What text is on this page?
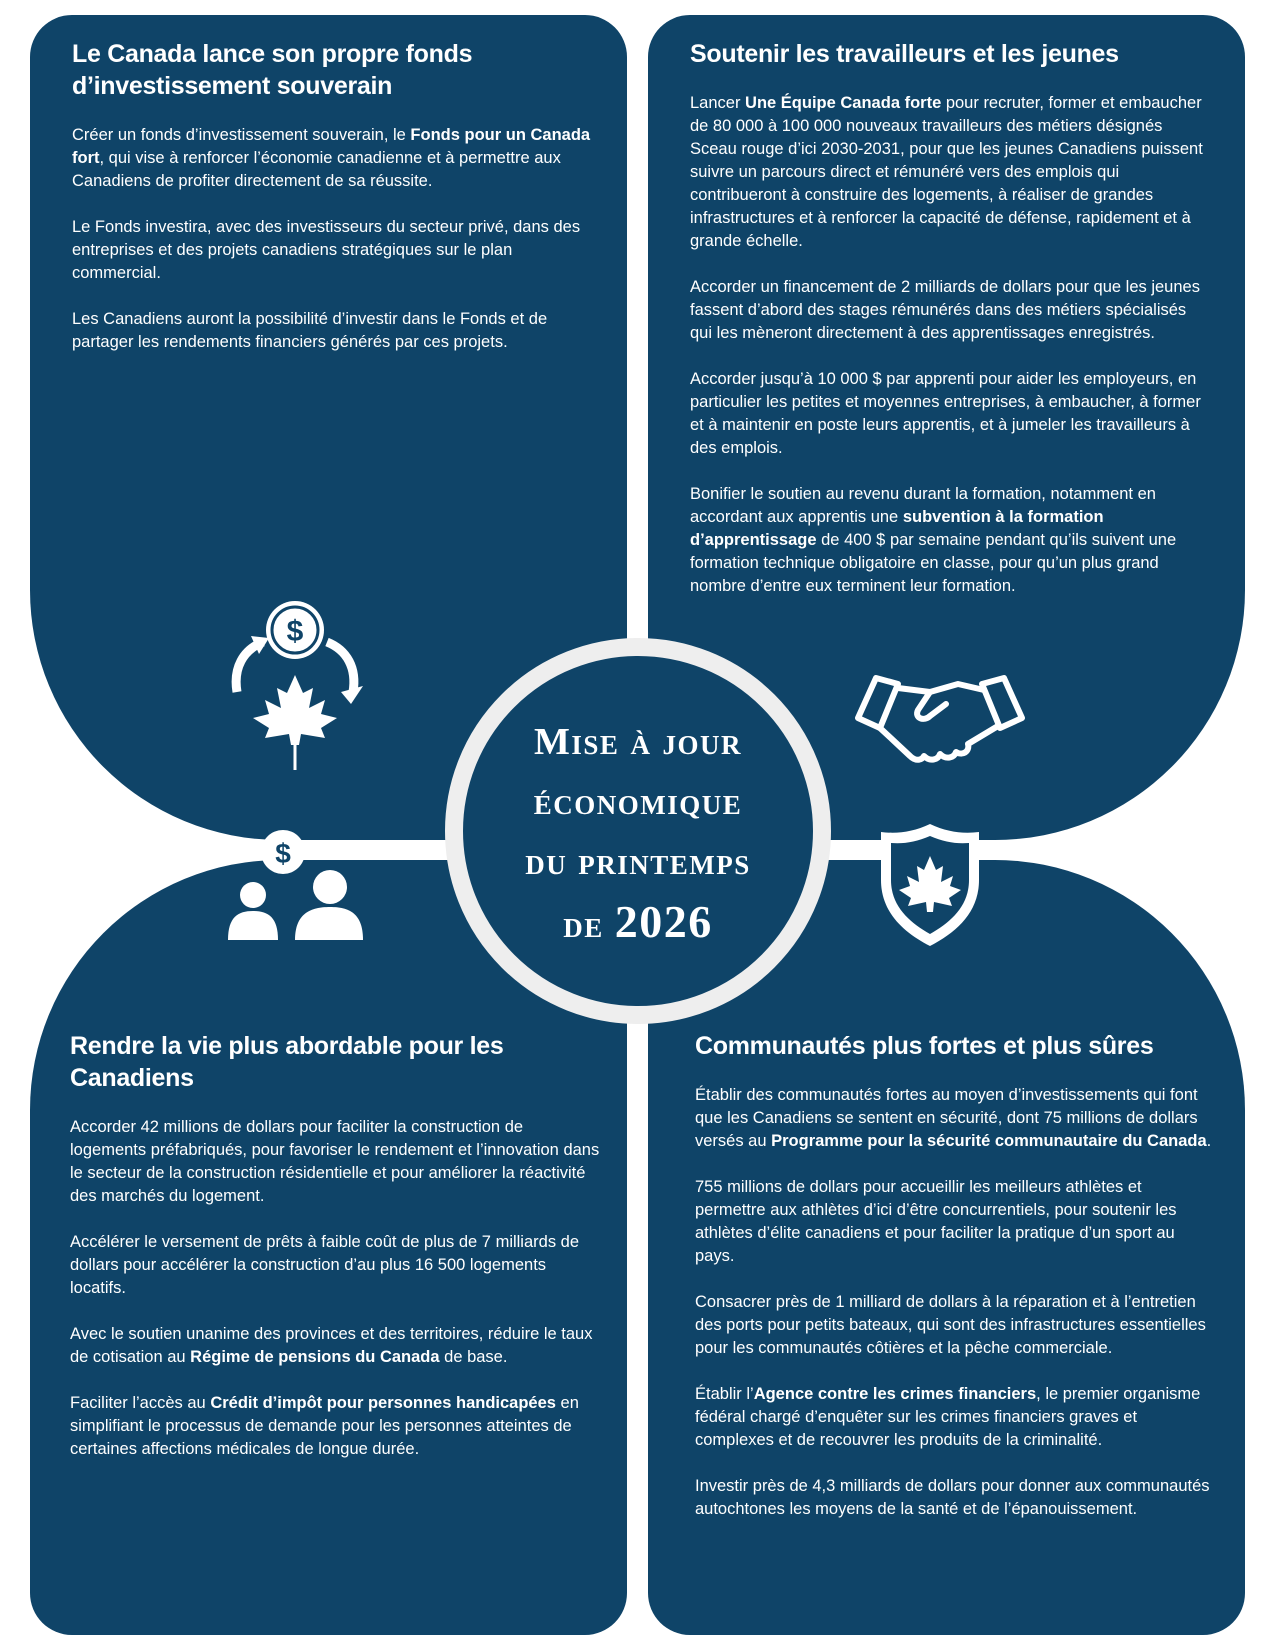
Le Canada lance son propre fonds d’investissement souverain

Créer un fonds d’investissement souverain, le Fonds pour un Canada fort, qui vise à renforcer l’économie canadienne et à permettre aux Canadiens de profiter directement de sa réussite.

Le Fonds investira, avec des investisseurs du secteur privé, dans des entreprises et des projets canadiens stratégiques sur le plan commercial.

Les Canadiens auront la possibilité d’investir dans le Fonds et de partager les rendements financiers générés par ces projets.

Soutenir les travailleurs et les jeunes

Lancer Une Équipe Canada forte pour recruter, former et embaucher de 80 000 à 100 000 nouveaux travailleurs des métiers désignés Sceau rouge d’ici 2030-2031, pour que les jeunes Canadiens puissent suivre un parcours direct et rémunéré vers des emplois qui contribueront à construire des logements, à réaliser de grandes infrastructures et à renforcer la capacité de défense, rapidement et à grande échelle.

Accorder un financement de 2 milliards de dollars pour que les jeunes fassent d’abord des stages rémunérés dans des métiers spécialisés qui les mèneront directement à des apprentissages enregistrés.

Accorder jusqu’à 10 000 $ par apprenti pour aider les employeurs, en particulier les petites et moyennes entreprises, à embaucher, à former et à maintenir en poste leurs apprentis, et à jumeler les travailleurs à des emplois.

Bonifier le soutien au revenu durant la formation, notamment en accordant aux apprentis une subvention à la formation d’apprentissage de 400 $ par semaine pendant qu’ils suivent une formation technique obligatoire en classe, pour qu’un plus grand nombre d’entre eux terminent leur formation.

Rendre la vie plus abordable pour les Canadiens

Accorder 42 millions de dollars pour faciliter la construction de logements préfabriqués, pour favoriser le rendement et l’innovation dans le secteur de la construction résidentielle et pour améliorer la réactivité des marchés du logement.

Accélérer le versement de prêts à faible coût de plus de 7 milliards de dollars pour accélérer la construction d’au plus 16 500 logements locatifs.

Avec le soutien unanime des provinces et des territoires, réduire le taux de cotisation au Régime de pensions du Canada de base.

Faciliter l’accès au Crédit d’impôt pour personnes handicapées en simplifiant le processus de demande pour les personnes atteintes de certaines affections médicales de longue durée.

Communautés plus fortes et plus sûres

Établir des communautés fortes au moyen d’investissements qui font que les Canadiens se sentent en sécurité, dont 75 millions de dollars versés au Programme pour la sécurité communautaire du Canada.

755 millions de dollars pour accueillir les meilleurs athlètes et permettre aux athlètes d’ici d’être concurrentiels, pour soutenir les athlètes d’élite canadiens et pour faciliter la pratique d’un sport au pays.

Consacrer près de 1 milliard de dollars à la réparation et à l’entretien des ports pour petits bateaux, qui sont des infrastructures essentielles pour les communautés côtières et la pêche commerciale.

Établir l’Agence contre les crimes financiers, le premier organisme fédéral chargé d’enquêter sur les crimes financiers graves et complexes et de recouvrer les produits de la criminalité.

Investir près de 4,3 milliards de dollars pour donner aux communautés autochtones les moyens de la santé et de l’épanouissement.

$
$
Mise à jour
économique
du printemps
de 2026
